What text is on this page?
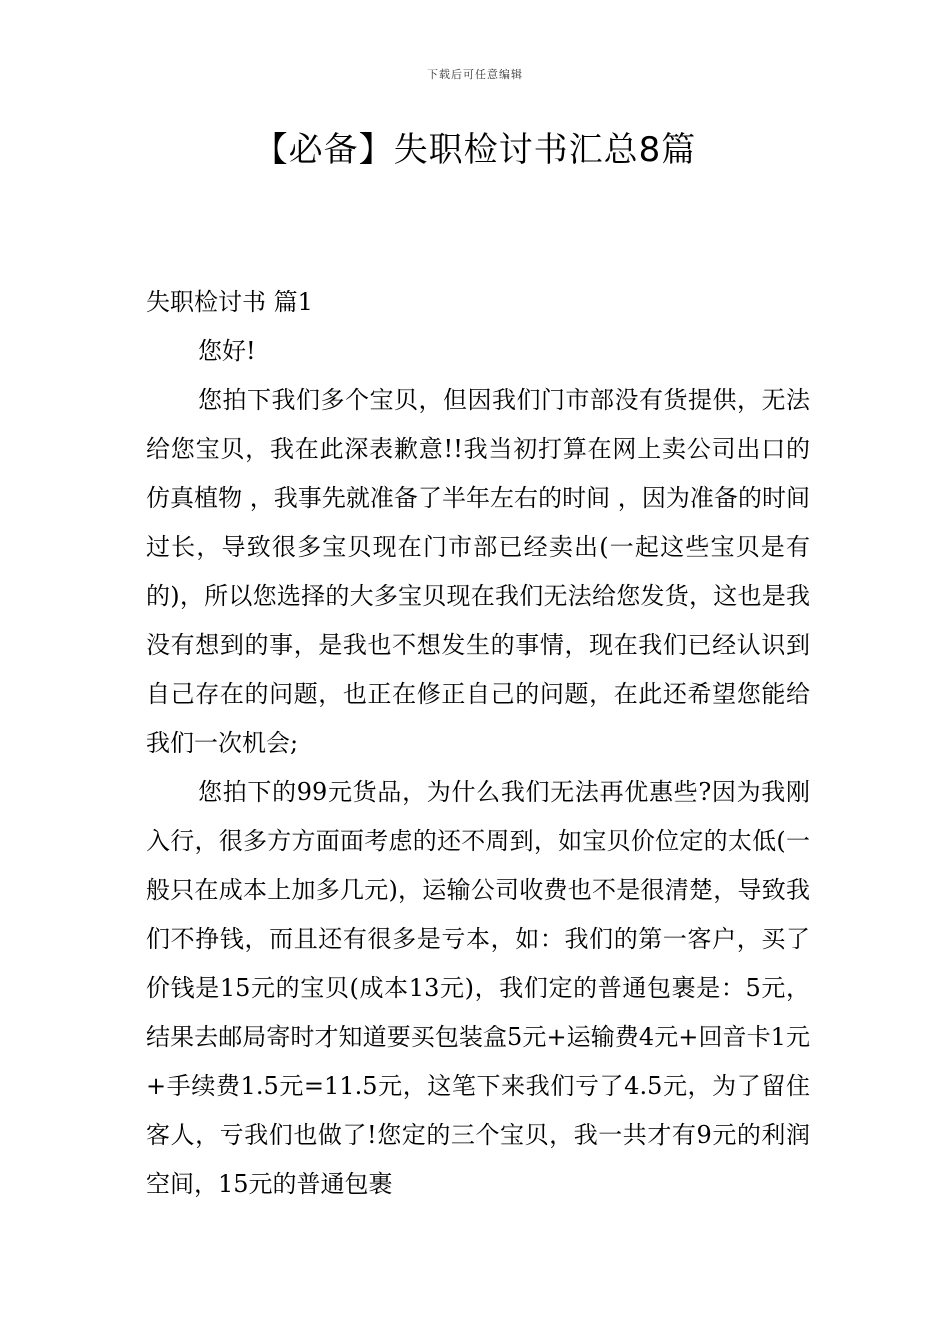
下载后可任意编辑
【必备】失职检讨书汇总8篇

失职检讨书 篇1

您好!

您拍下我们多个宝贝，但因我们门市部没有货提供，无法给您宝贝，我在此深表歉意!!我当初打算在网上卖公司出口的仿真植物 ，我事先就准备了半年左右的时间 ，因为准备的时间过长，导致很多宝贝现在门市部已经卖出(一起这些宝贝是有的)，所以您选择的大多宝贝现在我们无法给您发货，这也是我没有想到的事，是我也不想发生的事情，现在我们已经认识到自己存在的问题，也正在修正自己的问题，在此还希望您能给我们一次机会;

您拍下的99元货品，为什么我们无法再优惠些?因为我刚入行，很多方方面面考虑的还不周到，如宝贝价位定的太低(一般只在成本上加多几元)，运输公司收费也不是很清楚，导致我们不挣钱，而且还有很多是亏本，如：我们的第一客户，买了价钱是15元的宝贝(成本13元)，我们定的普通包裹是：5元，结果去邮局寄时才知道要买包装盒5元+运输费4元+回音卡1元+手续费1.5元=11.5元，这笔下来我们亏了4.5元，为了留住客人，亏我们也做了!您定的三个宝贝，我一共才有9元的利润空间，15元的普通包裹
